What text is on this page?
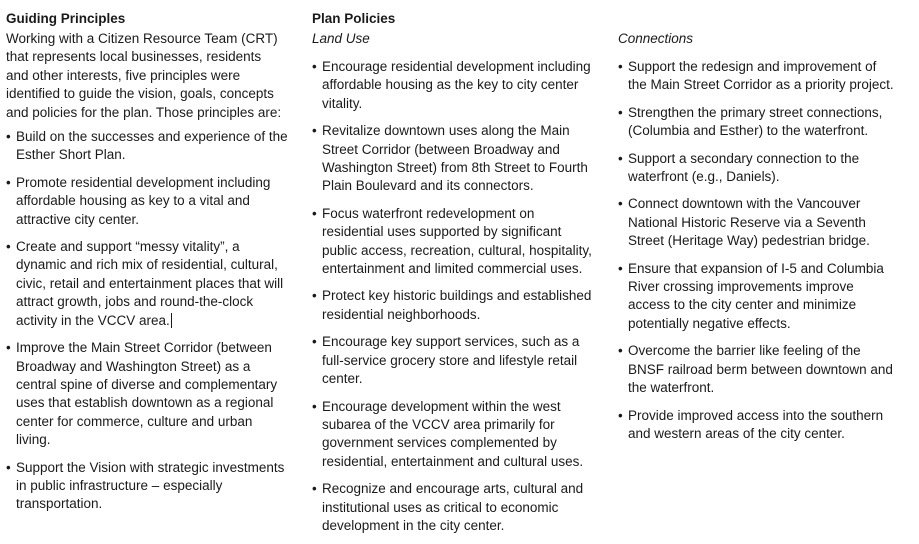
Guiding Principles

Working with a Citizen Resource Team (CRT) that represents local businesses, residents and other interests, five principles were identified to guide the vision, goals, concepts and policies for the plan. Those principles are:

• Build on the successes and experience of the Esther Short Plan.
• Promote residential development including affordable housing as key to a vital and attractive city center.
• Create and support “messy vitality”, a dynamic and rich mix of residential, cultural, civic, retail and entertainment places that will attract growth, jobs and round-the-clock activity in the VCCV area.
• Improve the Main Street Corridor (between Broadway and Washington Street) as a central spine of diverse and complementary uses that establish downtown as a regional center for commerce, culture and urban living.
• Support the Vision with strategic investments in public infrastructure – especially transportation.
Plan Policies

Land Use

• Encourage residential development including affordable housing as the key to city center vitality.
• Revitalize downtown uses along the Main Street Corridor (between Broadway and Washington Street) from 8th Street to Fourth Plain Boulevard and its connectors.
• Focus waterfront redevelopment on residential uses supported by significant public access, recreation, cultural, hospitality, entertainment and limited commercial uses.
• Protect key historic buildings and established residential neighborhoods.
• Encourage key support services, such as a full-service grocery store and lifestyle retail center.
• Encourage development within the west subarea of the VCCV area primarily for government services complemented by residential, entertainment and cultural uses.
• Recognize and encourage arts, cultural and institutional uses as critical to economic development in the city center.

Connections

• Support the redesign and improvement of the Main Street Corridor as a priority project.
• Strengthen the primary street connections, (Columbia and Esther) to the waterfront.
• Support a secondary connection to the waterfront (e.g., Daniels).
• Connect downtown with the Vancouver National Historic Reserve via a Seventh Street (Heritage Way) pedestrian bridge.
• Ensure that expansion of I-5 and Columbia River crossing improvements improve access to the city center and minimize potentially negative effects.
• Overcome the barrier like feeling of the BNSF railroad berm between downtown and the waterfront.
• Provide improved access into the southern and western areas of the city center.
